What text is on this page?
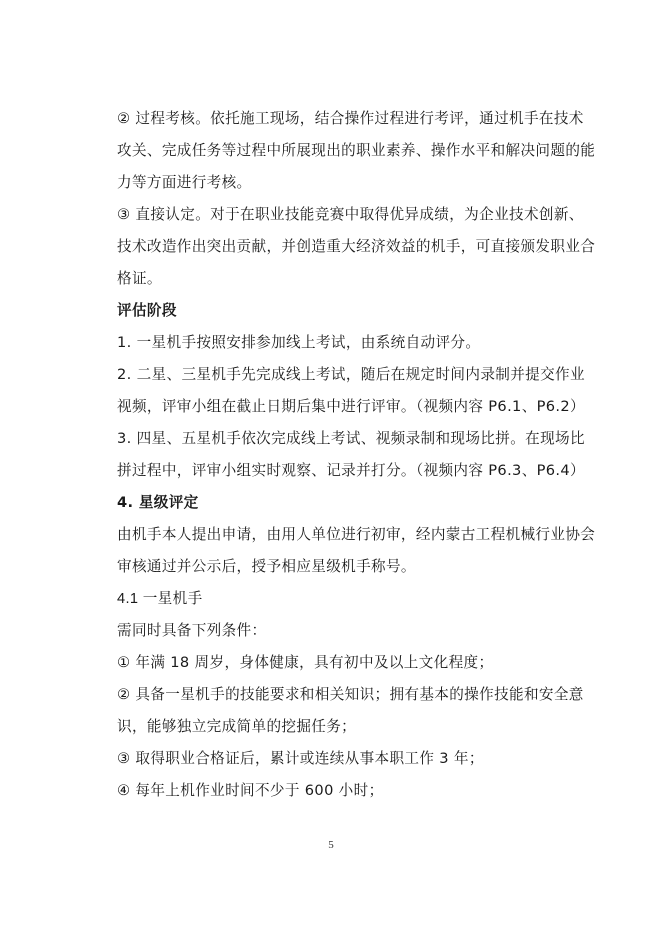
② 过程考核。依托施工现场，结合操作过程进行考评，通过机手在技术
攻关、完成任务等过程中所展现出的职业素养、操作水平和解决问题的能
力等方面进行考核。
③ 直接认定。对于在职业技能竞赛中取得优异成绩，为企业技术创新、
技术改造作出突出贡献，并创造重大经济效益的机手，可直接颁发职业合
格证。
评估阶段
1. 一星机手按照安排参加线上考试，由系统自动评分。
2. 二星、三星机手先完成线上考试，随后在规定时间内录制并提交作业
视频，评审小组在截止日期后集中进行评审。（视频内容 P6.1、P6.2）
3. 四星、五星机手依次完成线上考试、视频录制和现场比拼。在现场比
拼过程中，评审小组实时观察、记录并打分。（视频内容 P6.3、P6.4）
4. 星级评定
由机手本人提出申请，由用人单位进行初审，经内蒙古工程机械行业协会
审核通过并公示后，授予相应星级机手称号。
4.1 一星机手
需同时具备下列条件：
① 年满 18 周岁，身体健康，具有初中及以上文化程度；
② 具备一星机手的技能要求和相关知识；拥有基本的操作技能和安全意
识，能够独立完成简单的挖掘任务；
③ 取得职业合格证后，累计或连续从事本职工作 3 年；
④ 每年上机作业时间不少于 600 小时；
5
